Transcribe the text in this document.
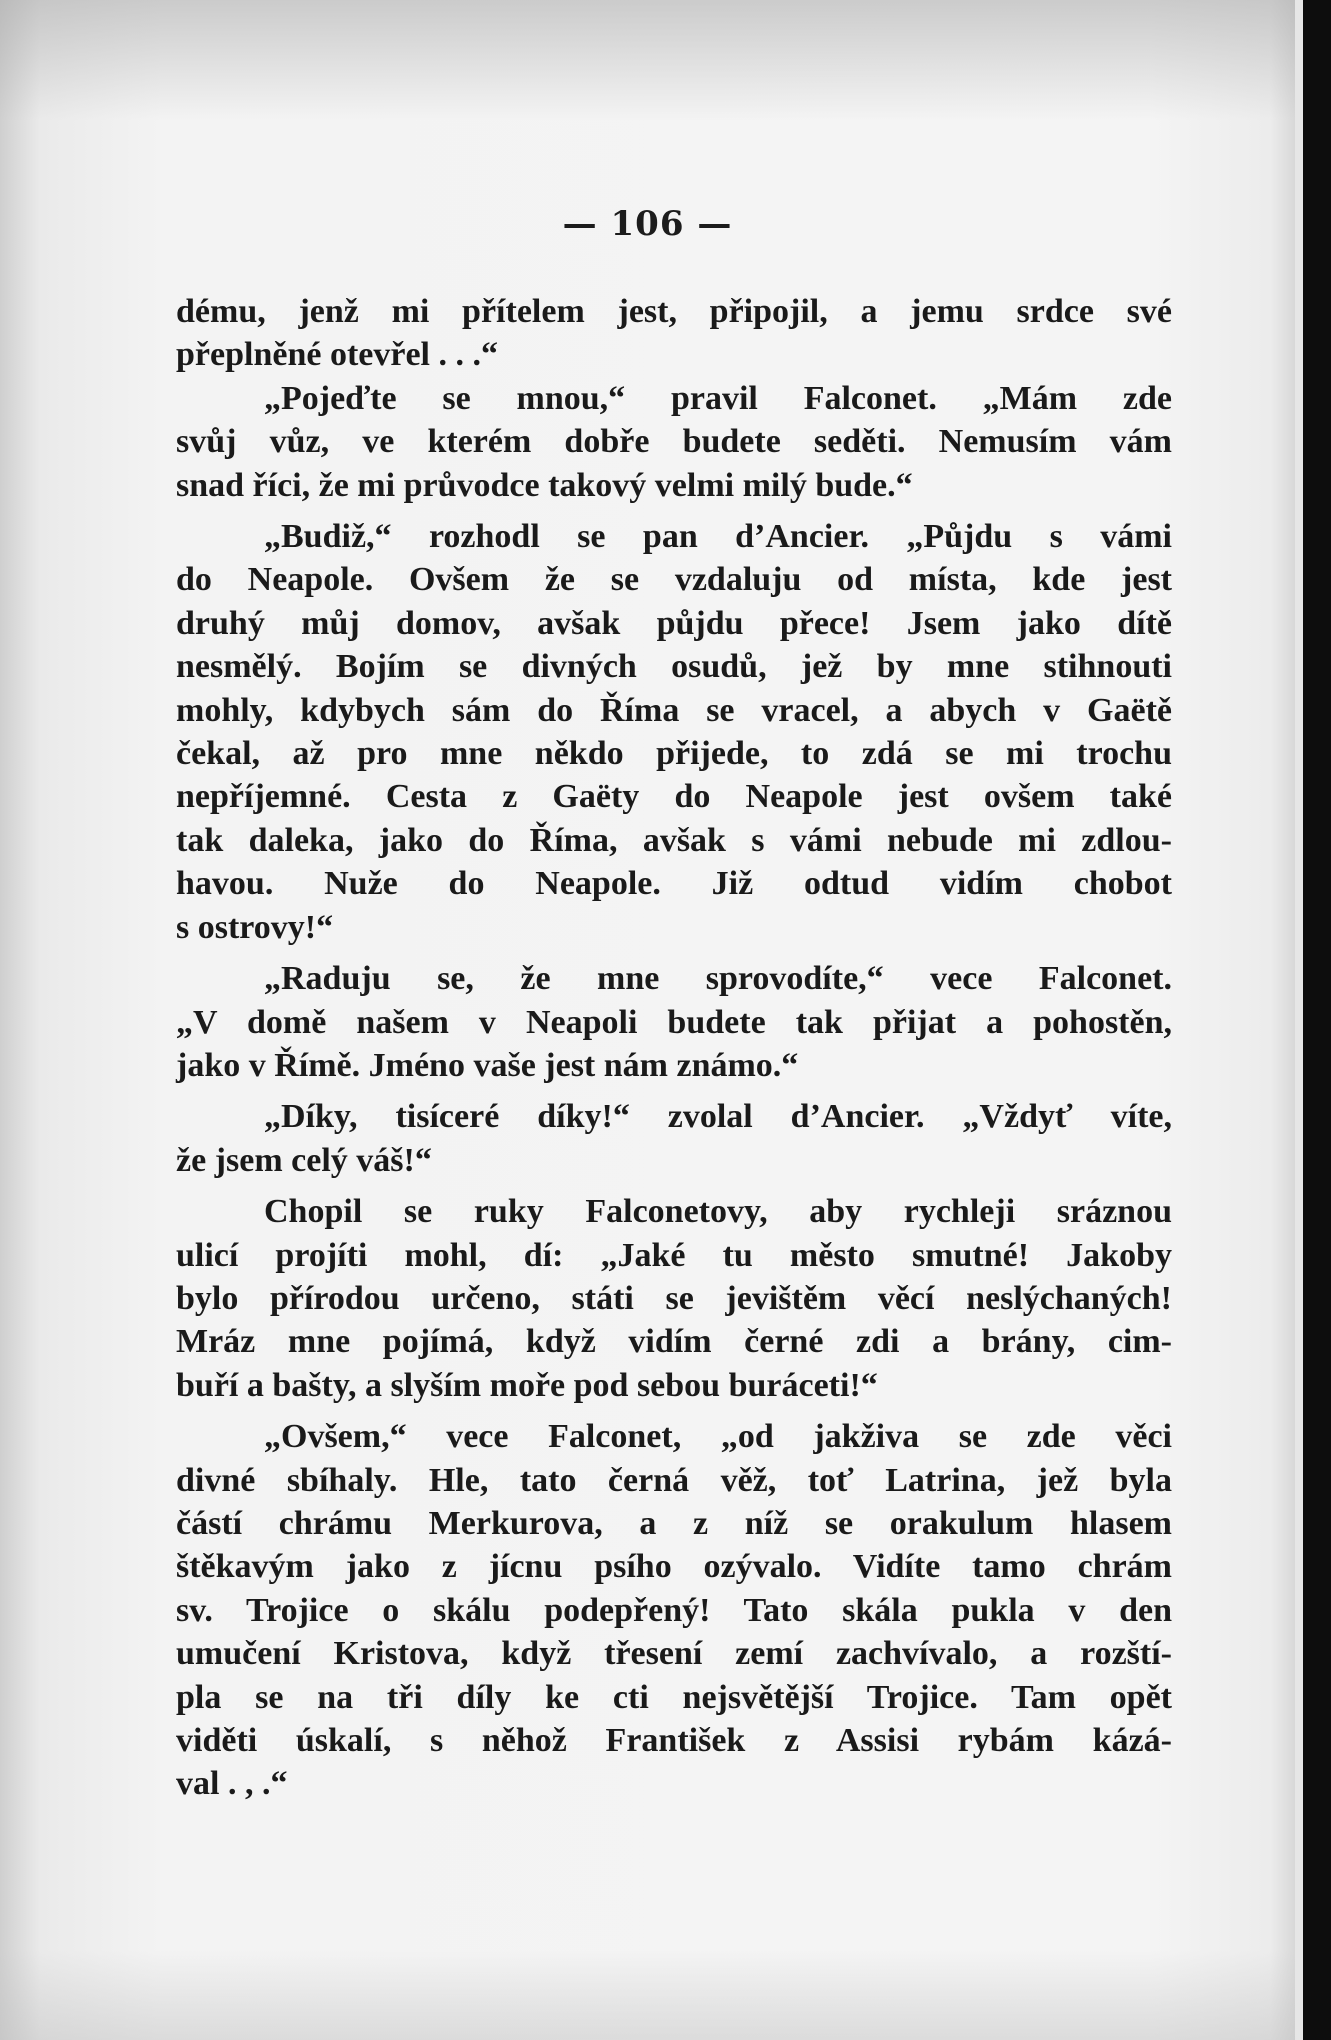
— 106 —

dému, jenž mi přítelem jest, připojil, a jemu srdce své

přeplněné otevřel . . .“

„Pojeďte se mnou,“ pravil Falconet. „Mám zde

svůj vůz, ve kterém dobře budete seděti. Nemusím vám

snad říci, že mi průvodce takový velmi milý bude.“

„Budiž,“ rozhodl se pan d’Ancier. „Půjdu s vámi

do Neapole. Ovšem že se vzdaluju od místa, kde jest

druhý můj domov, avšak půjdu přece! Jsem jako dítě

nesmělý. Bojím se divných osudů, jež by mne stihnouti

mohly, kdybych sám do Říma se vracel, a abych v Gaëtě

čekal, až pro mne někdo přijede, to zdá se mi trochu

nepříjemné. Cesta z Gaëty do Neapole jest ovšem také

tak daleka, jako do Říma, avšak s vámi nebude mi zdlou-

havou. Nuže do Neapole. Již odtud vidím chobot

s ostrovy!“

„Raduju se, že mne sprovodíte,“ vece Falconet.

„V domě našem v Neapoli budete tak přijat a pohostěn,

jako v Římě. Jméno vaše jest nám známo.“

„Díky, tisíceré díky!“ zvolal d’Ancier. „Vždyť víte,

že jsem celý váš!“

Chopil se ruky Falconetovy, aby rychleji sráznou

ulicí projíti mohl, dí: „Jaké tu město smutné! Jakoby

bylo přírodou určeno, státi se jevištěm věcí neslýchaných!

Mráz mne pojímá, když vidím černé zdi a brány, cim-

buří a bašty, a slyším moře pod sebou buráceti!“

„Ovšem,“ vece Falconet, „od jakživa se zde věci

divné sbíhaly. Hle, tato černá věž, toť Latrina, jež byla

částí chrámu Merkurova, a z níž se orakulum hlasem

štěkavým jako z jícnu psího ozývalo. Vidíte tamo chrám

sv. Trojice o skálu podepřený! Tato skála pukla v den

umučení Kristova, když třesení zemí zachvívalo, a rozští-

pla se na tři díly ke cti nejsvětější Trojice. Tam opět

viděti úskalí, s něhož František z Assisi rybám kázá-

val . , .“
